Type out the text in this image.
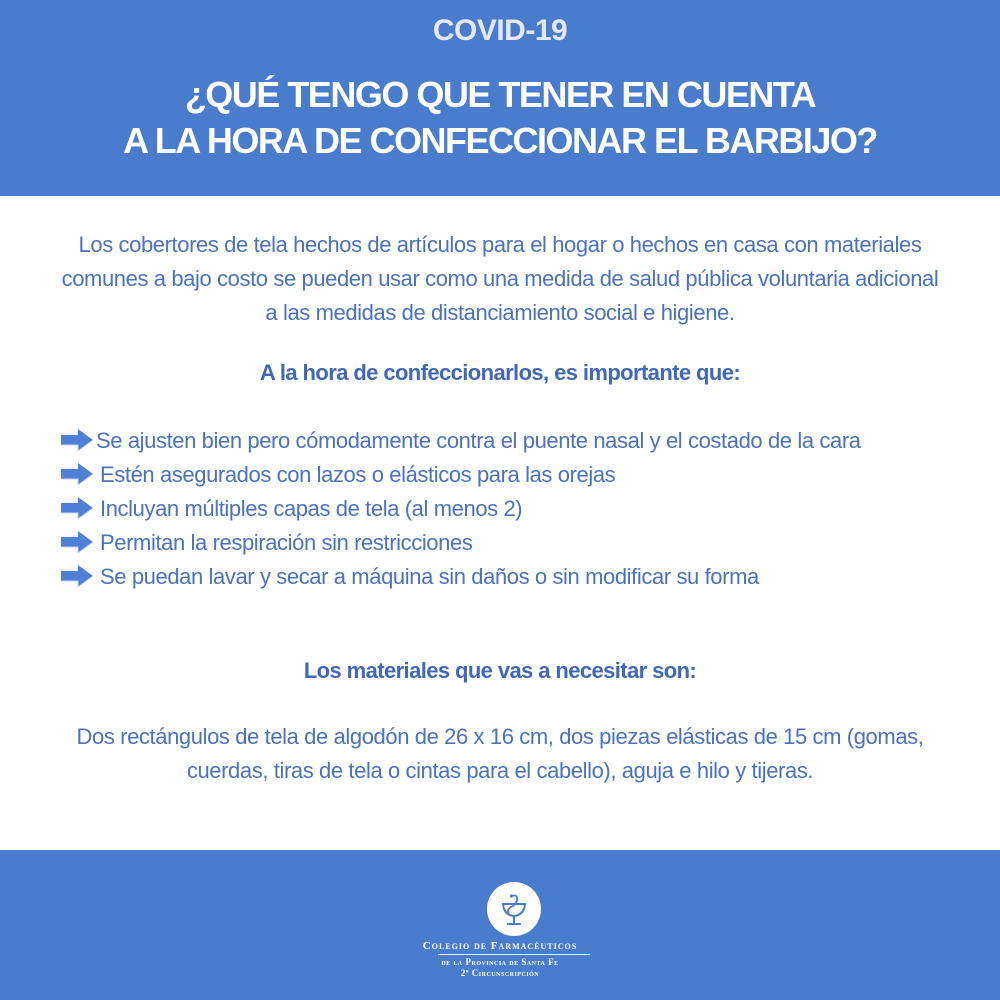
COVID-19
¿QUÉ TENGO QUE TENER EN CUENTA
A LA HORA DE CONFECCIONAR EL BARBIJO?
Los cobertores de tela hechos de artículos para el hogar o hechos en casa con materiales comunes a bajo costo se pueden usar como una medida de salud pública voluntaria adicional a las medidas de distanciamiento social e higiene.
A la hora de confeccionarlos, es importante que:
Se ajusten bien pero cómodamente contra el puente nasal y el costado de la cara
Estén asegurados con lazos o elásticos para las orejas
Incluyan múltiples capas de tela (al menos 2)
Permitan la respiración sin restricciones
Se puedan lavar y secar a máquina sin daños o sin modificar su forma
Los materiales que vas a necesitar son:
Dos rectángulos de tela de algodón de 26 x 16 cm, dos piezas elásticas de 15 cm (gomas, cuerdas, tiras de tela o cintas para el cabello), aguja e hilo y tijeras.
Colegio de Farmacéuticos
de la Provincia de Santa Fe
2ª Circunscripción
